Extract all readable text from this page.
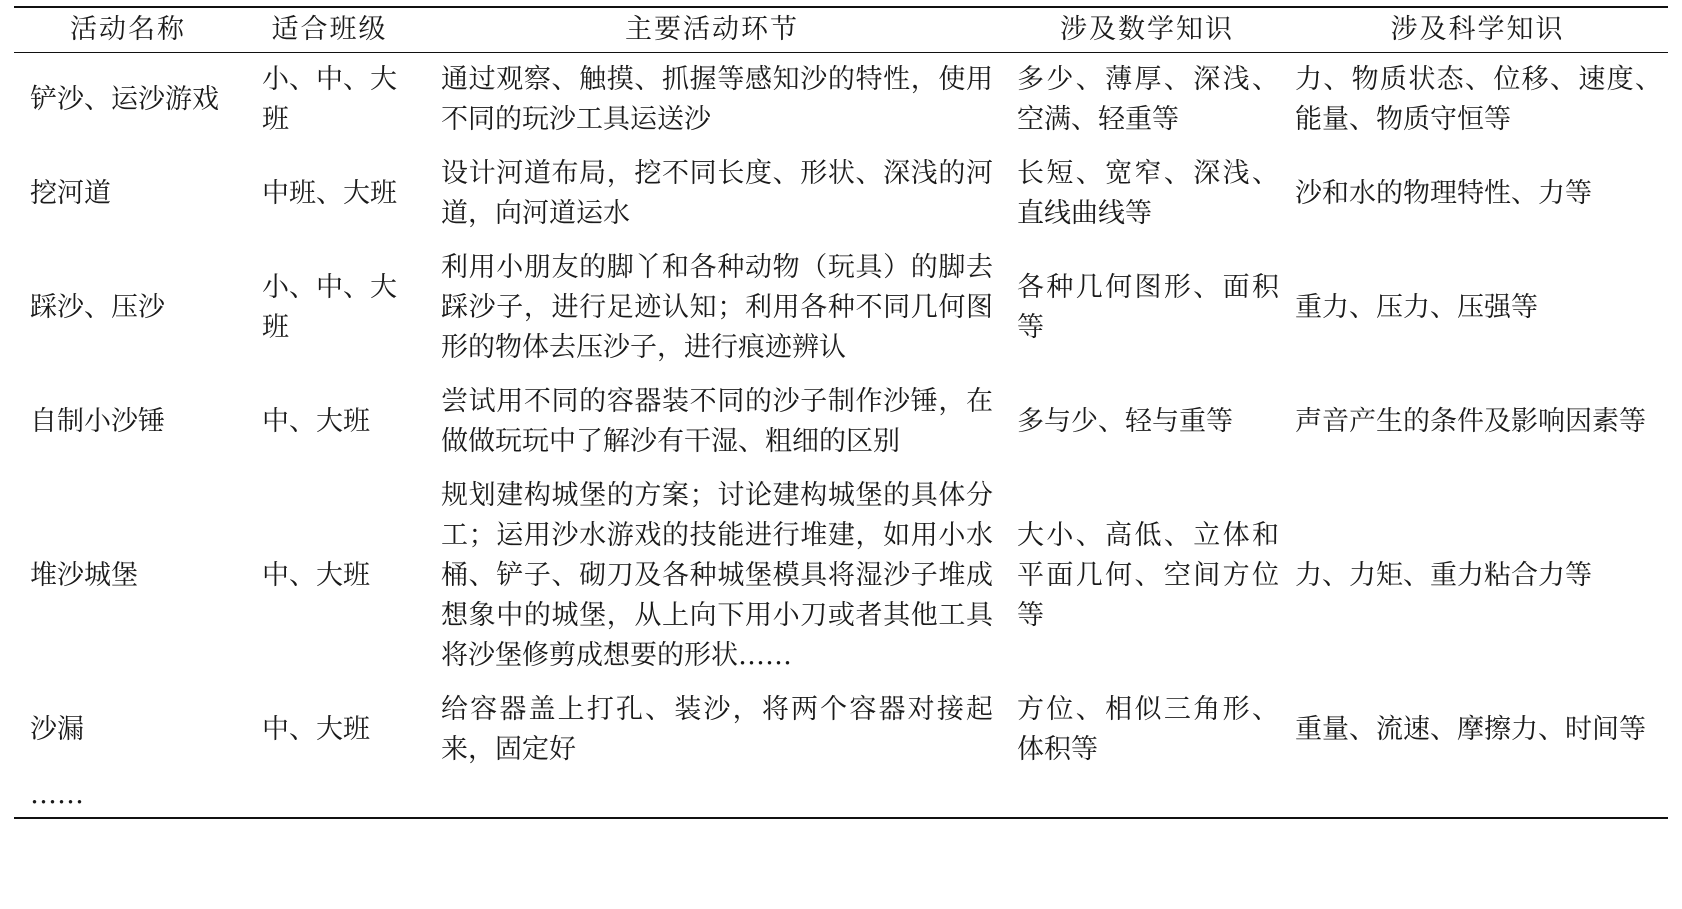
活动名称	适合班级	主要活动环节	涉及数学知识	涉及科学知识
铲沙、运沙游戏	小、中、大班	通过观察、触摸、抓握等感知沙的特性，使用不同的玩沙工具运送沙	多少、薄厚、深浅、空满、轻重等	力、物质状态、位移、速度、能量、物质守恒等
挖河道	中班、大班	设计河道布局，挖不同长度、形状、深浅的河道，向河道运水	长短、宽窄、深浅、直线曲线等	沙和水的物理特性、力等
踩沙、压沙	小、中、大班	利用小朋友的脚丫和各种动物（玩具）的脚去踩沙子，进行足迹认知；利用各种不同几何图形的物体去压沙子，进行痕迹辨认	各种几何图形、面积等	重力、压力、压强等
自制小沙锤	中、大班	尝试用不同的容器装不同的沙子制作沙锤，在做做玩玩中了解沙有干湿、粗细的区别	多与少、轻与重等	声音产生的条件及影响因素等
堆沙城堡	中、大班	规划建构城堡的方案；讨论建构城堡的具体分工；运用沙水游戏的技能进行堆建，如用小水桶、铲子、砌刀及各种城堡模具将湿沙子堆成想象中的城堡，从上向下用小刀或者其他工具将沙堡修剪成想要的形状……	大小、高低、立体和平面几何、空间方位等	力、力矩、重力粘合力等
沙漏	中、大班	给容器盖上打孔、装沙，将两个容器对接起来，固定好	方位、相似三角形、体积等	重量、流速、摩擦力、时间等
……				
